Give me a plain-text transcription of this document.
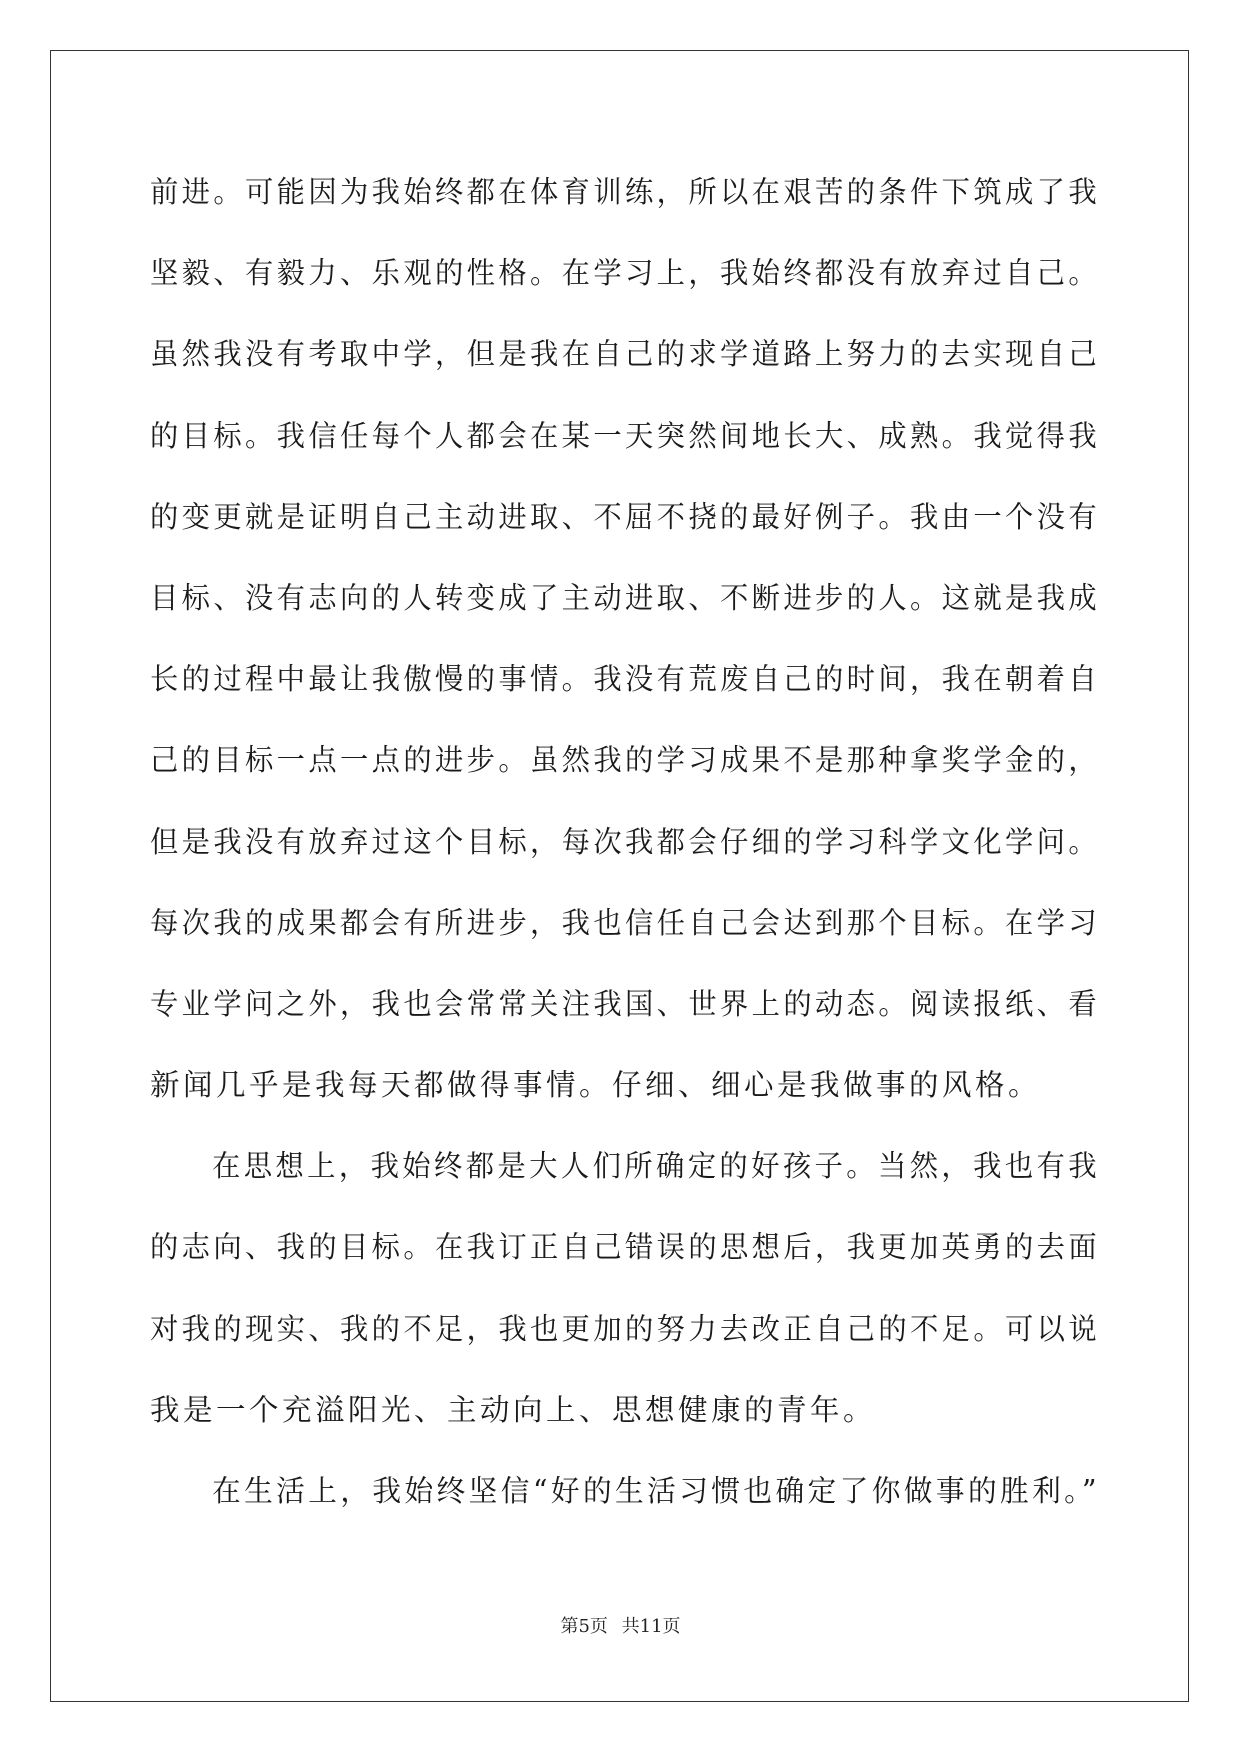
前进。可能因为我始终都在体育训练，所以在艰苦的条件下筑成了我

坚毅、有毅力、乐观的性格。在学习上，我始终都没有放弃过自己。

虽然我没有考取中学，但是我在自己的求学道路上努力的去实现自己

的目标。我信任每个人都会在某一天突然间地长大、成熟。我觉得我

的变更就是证明自己主动进取、不屈不挠的最好例子。我由一个没有

目标、没有志向的人转变成了主动进取、不断进步的人。这就是我成

长的过程中最让我傲慢的事情。我没有荒废自己的时间，我在朝着自

己的目标一点一点的进步。虽然我的学习成果不是那种拿奖学金的，

但是我没有放弃过这个目标，每次我都会仔细的学习科学文化学问。

每次我的成果都会有所进步，我也信任自己会达到那个目标。在学习

专业学问之外，我也会常常关注我国、世界上的动态。阅读报纸、看

新闻几乎是我每天都做得事情。仔细、细心是我做事的风格。

在思想上，我始终都是大人们所确定的好孩子。当然，我也有我

的志向、我的目标。在我订正自己错误的思想后，我更加英勇的去面

对我的现实、我的不足，我也更加的努力去改正自己的不足。可以说

我是一个充溢阳光、主动向上、思想健康的青年。

在生活上，我始终坚信“好的生活习惯也确定了你做事的胜利。”

第5页 共11页
